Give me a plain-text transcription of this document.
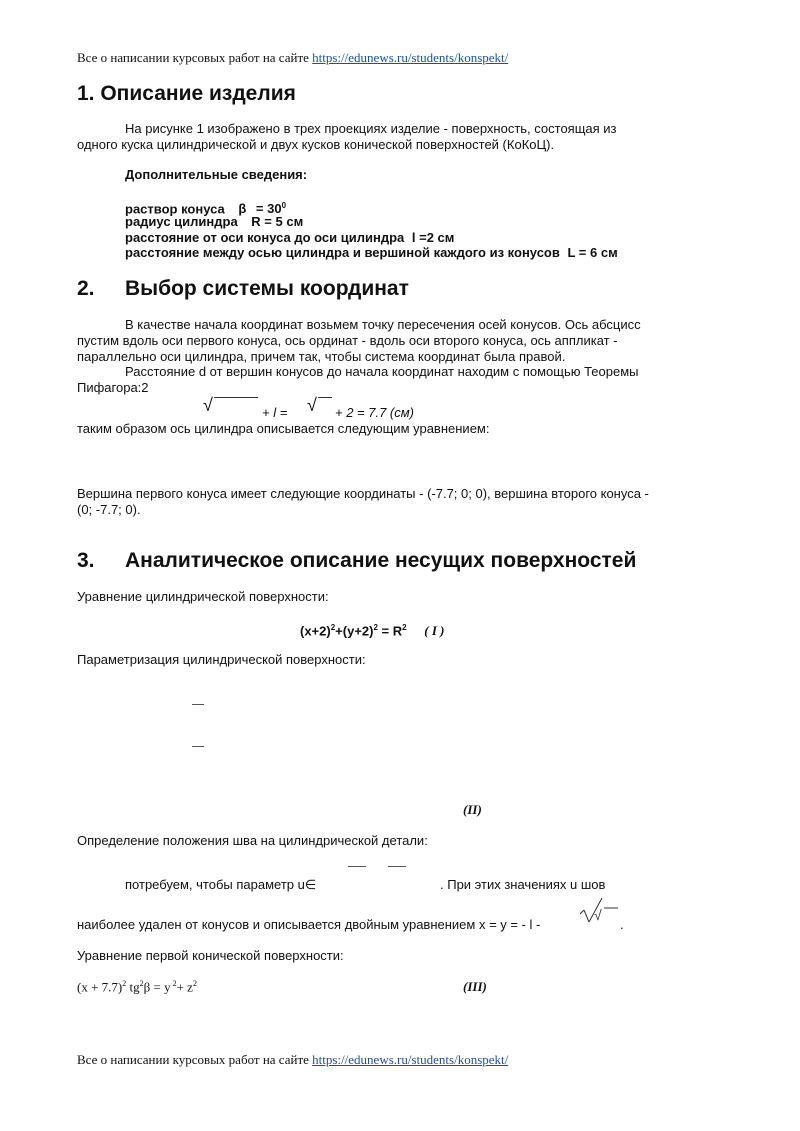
Все о написании курсовых работ на сайте https://edunews.ru/students/konspekt/
1. Описание изделия
На рисунке 1 изображено в трех проекциях изделие - поверхность, состоящая из
одного куска цилиндрической и двух кусков конической поверхностей (КоКоЦ).
Дополнительные сведения:
раствор конуса $\beta = 30^0$
радиус цилиндра R = 5 см
расстояние от оси конуса до оси цилиндра l =2 см
расстояние между осью цилиндра и вершиной каждого из конусов L = 6 см
2. Выбор системы координат
В качестве начала координат возьмем точку пересечения осей конусов. Ось абсцисс
пустим вдоль оси первого конуса, ось ординат - вдоль оси второго конуса, ось аппликат -
параллельно оси цилиндра, причем так, чтобы система координат была правой.
Расстояние d от вершин конусов до начала координат находим с помощью Теоремы
Пифагора:2
√	+ l = √ + 2 = 7.7 (см)
таким образом ось цилиндра описывается следующим уравнением:
Вершина первого конуса имеет следующие координаты - (-7.7; 0; 0), вершина второго конуса -
(0; -7.7; 0).
3. Аналитическое описание несущих поверхностей
Уравнение цилиндрической поверхности:
$(x+2)^2+(y+2)^2 = R^2$ ( I )
Параметризация цилиндрической поверхности:
(II)
Определение положения шва на цилиндрической детали:
потребуем, чтобы параметр u∈	. При этих значениях u шов
наиболее удален от конусов и описывается двойным уравнением x = y = - l -
√
.
Уравнение первой конической поверхности:
$(x + 7.7)^2$ $tg^2\beta = y$ $^2+ z^2$	(III)
Все о написании курсовых работ на сайте https://edunews.ru/students/konspekt/
